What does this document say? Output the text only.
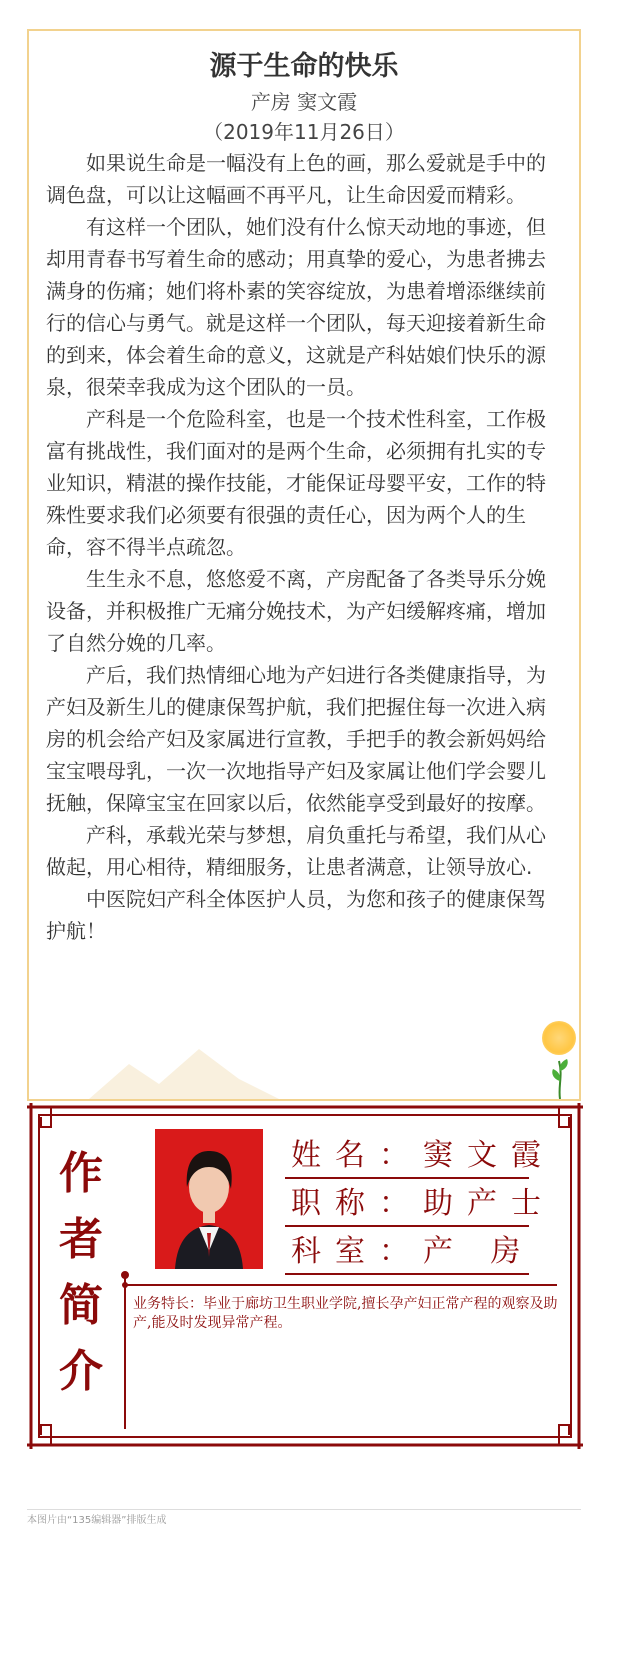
源于生命的快乐
产房 窦文霞
（2019年11月26日）

如果说生命是一幅没有上色的画，那么爱就是手中的调色盘，可以让这幅画不再平凡，让生命因爱而精彩。

有这样一个团队，她们没有什么惊天动地的事迹，但却用青春书写着生命的感动；用真挚的爱心，为患者拂去满身的伤痛；她们将朴素的笑容绽放，为患着增添继续前行的信心与勇气。就是这样一个团队，每天迎接着新生命的到来，体会着生命的意义，这就是产科姑娘们快乐的源泉，很荣幸我成为这个团队的一员。

产科是一个危险科室，也是一个技术性科室，工作极富有挑战性，我们面对的是两个生命，必须拥有扎实的专业知识，精湛的操作技能，才能保证母婴平安，工作的特殊性要求我们必须要有很强的责任心，因为两个人的生命，容不得半点疏忽。

生生永不息，悠悠爱不离，产房配备了各类导乐分娩设备，并积极推广无痛分娩技术，为产妇缓解疼痛，增加了自然分娩的几率。

产后，我们热情细心地为产妇进行各类健康指导，为产妇及新生儿的健康保驾护航，我们把握住每一次进入病房的机会给产妇及家属进行宣教，手把手的教会新妈妈给宝宝喂母乳，一次一次地指导产妇及家属让他们学会婴儿抚触，保障宝宝在回家以后，依然能享受到最好的按摩。

产科，承载光荣与梦想，肩负重托与希望，我们从心做起，用心相待，精细服务，让患者满意，让领导放心.

中医院妇产科全体医护人员，为您和孩子的健康保驾护航！

作
者
简
介
姓名：窦文霞
职称：助产士
科室：产 房
业务特长：毕业于廊坊卫生职业学院,擅长孕产妇正常产程的观察及助产,能及时发现异常产程。
本图片由“135编辑器”排版生成
